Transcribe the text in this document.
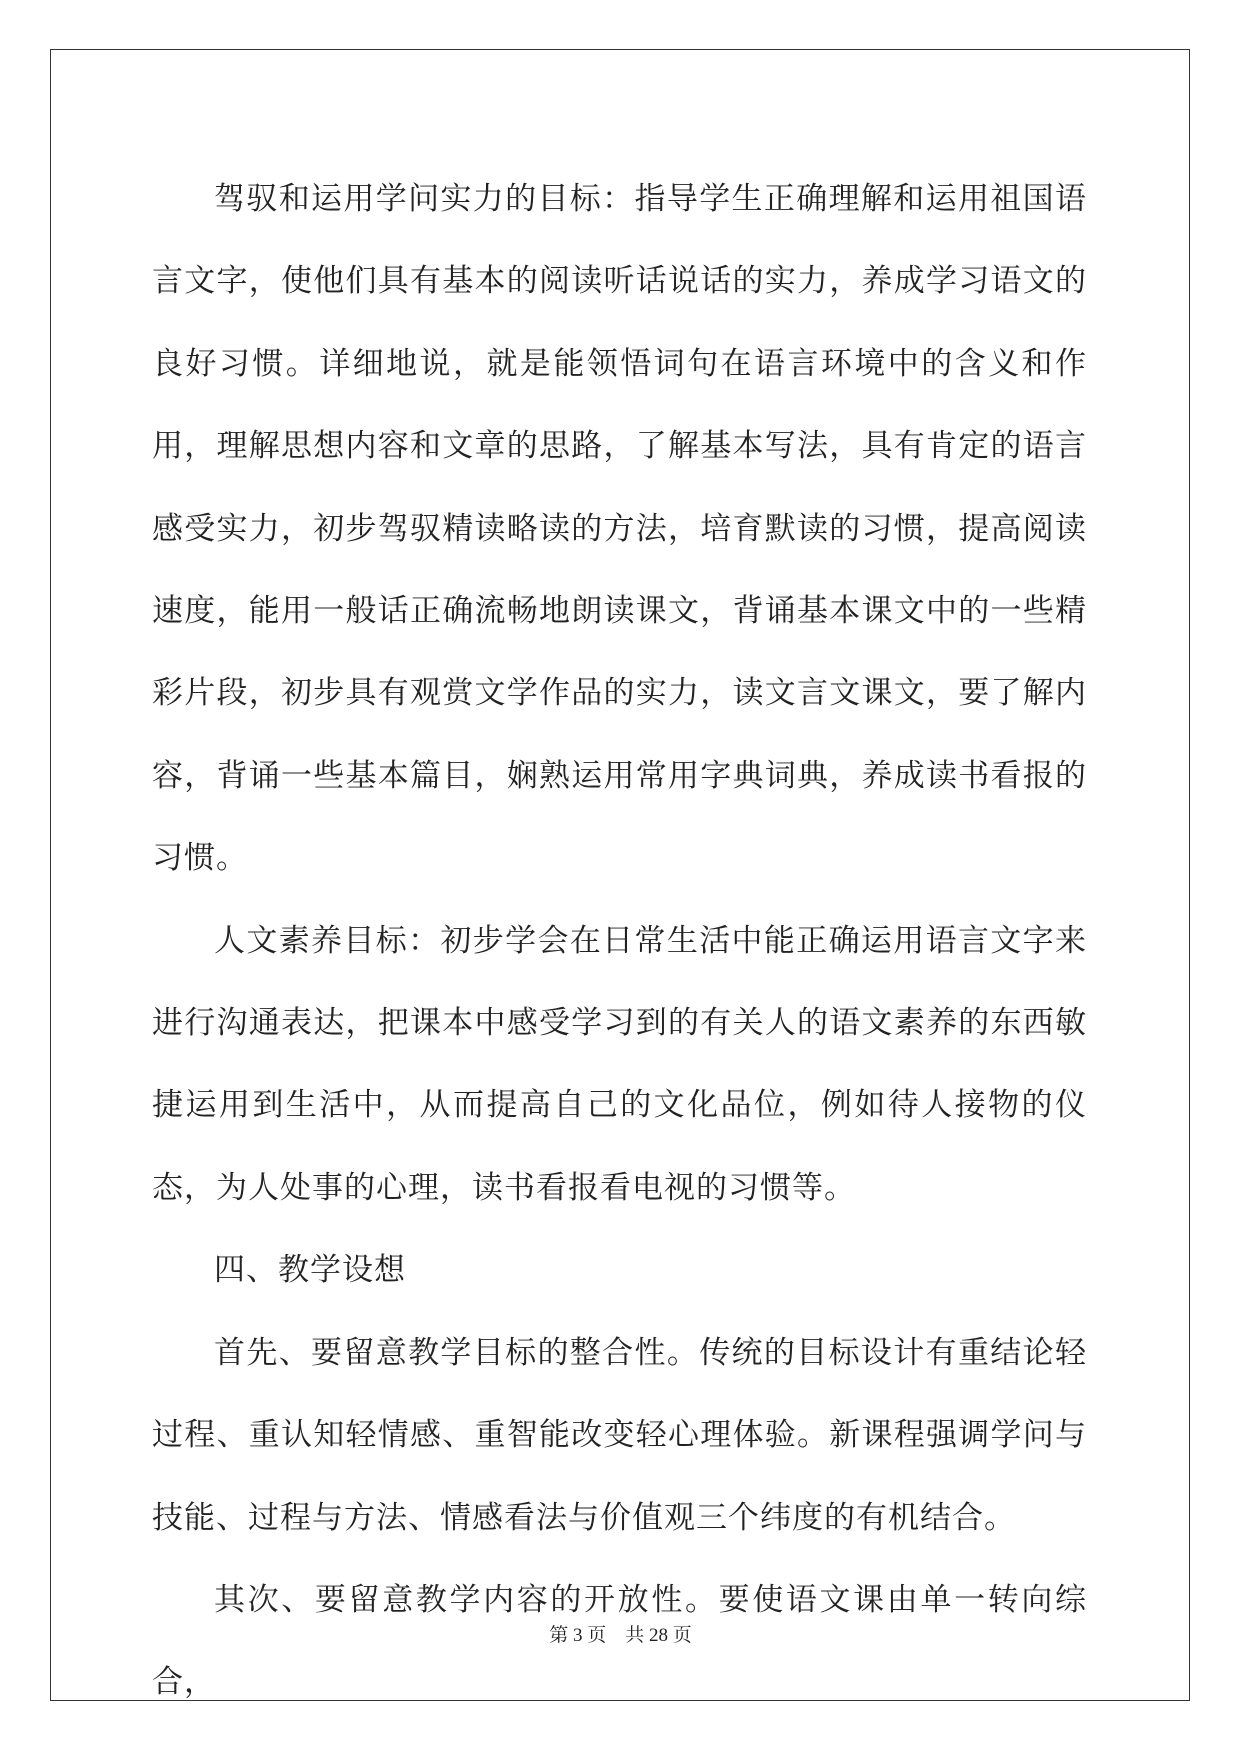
驾驭和运用学问实力的目标：指导学生正确理解和运用祖国语言文字，使他们具有基本的阅读听话说话的实力，养成学习语文的良好习惯。详细地说，就是能领悟词句在语言环境中的含义和作用，理解思想内容和文章的思路，了解基本写法，具有肯定的语言感受实力，初步驾驭精读略读的方法，培育默读的习惯，提高阅读速度，能用一般话正确流畅地朗读课文，背诵基本课文中的一些精彩片段，初步具有观赏文学作品的实力，读文言文课文，要了解内容，背诵一些基本篇目，娴熟运用常用字典词典，养成读书看报的习惯。

人文素养目标：初步学会在日常生活中能正确运用语言文字来进行沟通表达，把课本中感受学习到的有关人的语文素养的东西敏捷运用到生活中，从而提高自己的文化品位，例如待人接物的仪态，为人处事的心理，读书看报看电视的习惯等。

四、教学设想

首先、要留意教学目标的整合性。传统的目标设计有重结论轻过程、重认知轻情感、重智能改变轻心理体验。新课程强调学问与技能、过程与方法、情感看法与价值观三个纬度的有机结合。

其次、要留意教学内容的开放性。要使语文课由单一转向综合，

第 3 页 共 28 页
